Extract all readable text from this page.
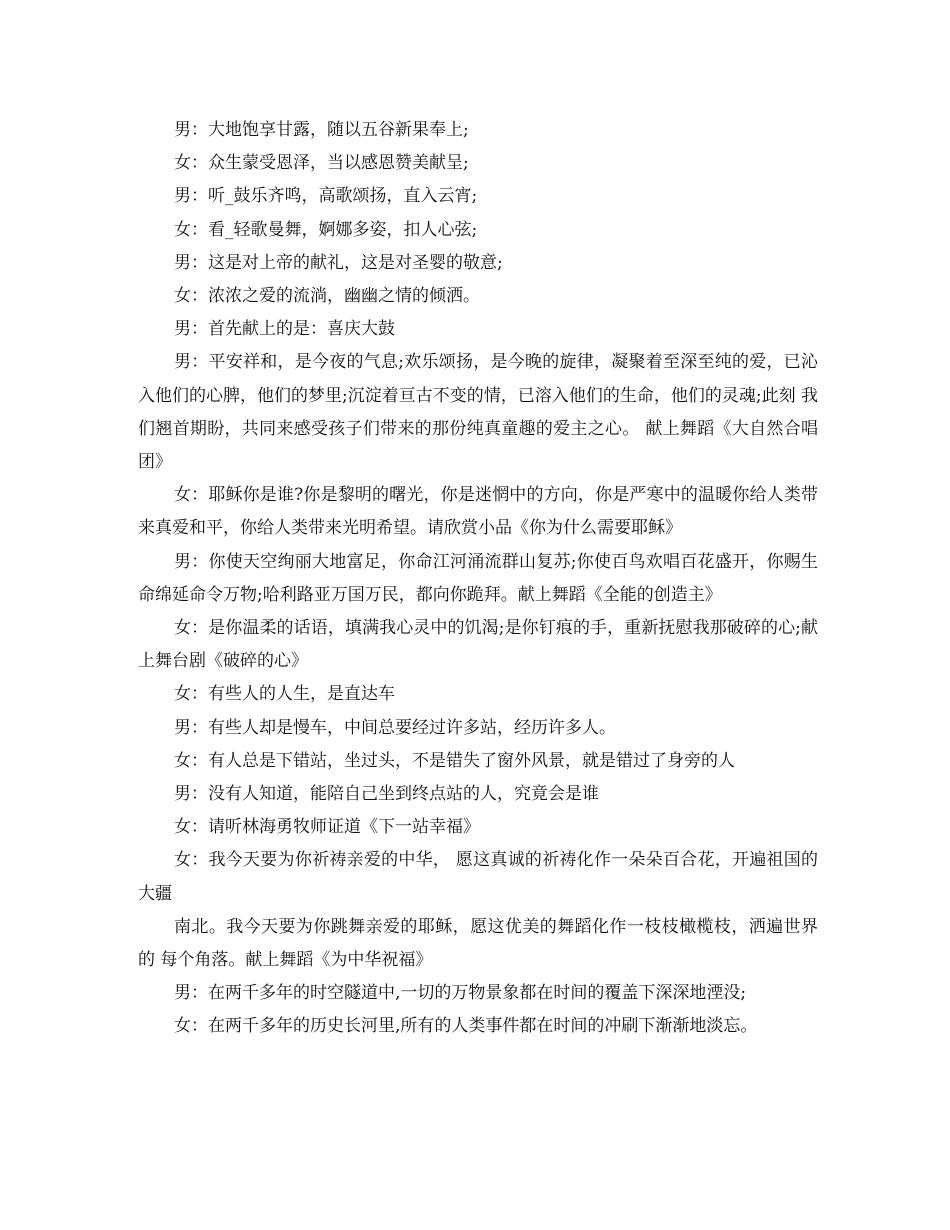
男：大地饱享甘露，随以五谷新果奉上;

女：众生蒙受恩泽，当以感恩赞美献呈;

男：听_鼓乐齐鸣，高歌颂扬，直入云宵;

女：看_轻歌曼舞，婀娜多姿，扣人心弦;

男：这是对上帝的献礼，这是对圣婴的敬意;

女：浓浓之爱的流淌，幽幽之情的倾洒。

男：首先献上的是：喜庆大鼓

男：平安祥和，是今夜的气息;欢乐颂扬，是今晚的旋律，凝聚着至深至纯的爱，已沁入他们的心脾，他们的梦里;沉淀着亘古不变的情，已溶入他们的生命，他们的灵魂;此刻 我们翘首期盼，共同来感受孩子们带来的那份纯真童趣的爱主之心。 献上舞蹈《大自然合唱团》

女：耶稣你是谁?你是黎明的曙光，你是迷惘中的方向，你是严寒中的温暖你给人类带来真爱和平，你给人类带来光明希望。请欣赏小品《你为什么需要耶稣》

男：你使天空绚丽大地富足，你命江河涌流群山复苏;你使百鸟欢唱百花盛开，你赐生命绵延命令万物;哈利路亚万国万民，都向你跪拜。献上舞蹈《全能的创造主》

女：是你温柔的话语，填满我心灵中的饥渴;是你钉痕的手，重新抚慰我那破碎的心;献上舞台剧《破碎的心》

女：有些人的人生，是直达车

男：有些人却是慢车，中间总要经过许多站，经历许多人。

女：有人总是下错站，坐过头，不是错失了窗外风景，就是错过了身旁的人

男：没有人知道，能陪自己坐到终点站的人，究竟会是谁

女：请听林海勇牧师证道《下一站幸福》

女：我今天要为你祈祷亲爱的中华， 愿这真诚的祈祷化作一朵朵百合花，开遍祖国的大疆

南北。我今天要为你跳舞亲爱的耶稣，愿这优美的舞蹈化作一枝枝橄榄枝，洒遍世界的 每个角落。献上舞蹈《为中华祝福》

男：在两千多年的时空隧道中,一切的万物景象都在时间的覆盖下深深地湮没;

女：在两千多年的历史长河里,所有的人类事件都在时间的冲刷下渐渐地淡忘。
